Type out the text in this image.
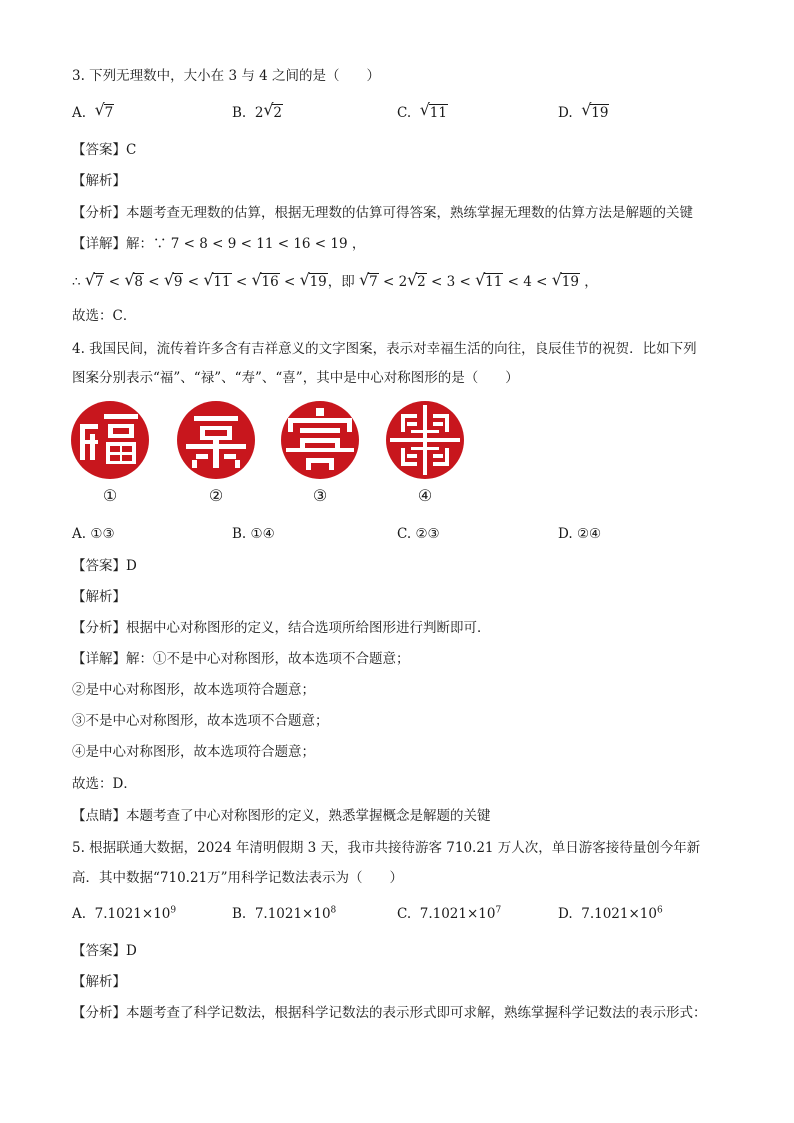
3. 下列无理数中，大小在 3 与 4 之间的是（　　）
A. √ 7	B. 2 √ 2	C. √ 11	D. √ 19
【答案】C
【解析】
【分析】本题考查无理数的估算，根据无理数的估算可得答案，熟练掌握无理数的估算方法是解题的关键
【详解】解：∵ 7 < 8 < 9 < 11 < 16 < 19 ，
∴ √ 7 < √ 8 < √ 9 < √ 11 < √ 16 < √ 19，即 √ 7 < 2 √ 2 < 3 < √ 11 < 4 < √ 19 ，
故选：C．
4. 我国民间，流传着许多含有吉祥意义的文字图案，表示对幸福生活的向往，良辰佳节的祝贺．比如下列
图案分别表示“福”、“禄”、“寿”、“喜”，其中是中心对称图形的是（　　）
①	②	③	④
A. ①③	B. ①④	C. ②③	D. ②④
【答案】D
【解析】
【分析】根据中心对称图形的定义，结合选项所给图形进行判断即可．
【详解】解：①不是中心对称图形，故本选项不合题意；
②是中心对称图形，故本选项符合题意；
③不是中心对称图形，故本选项不合题意；
④是中心对称图形，故本选项符合题意；
故选：D．
【点睛】本题考查了中心对称图形的定义，熟悉掌握概念是解题的关键
5. 根据联通大数据，2024 年清明假期 3 天，我市共接待游客 710.21 万人次，单日游客接待量创今年新
高．其中数据“710.21万”用科学记数法表示为（　　）
A. $7.1021\times 10^9$	B. $7.1021\times 10^8$	C. $7.1021\times 10^7$	D. $7.1021\times 10^6$
【答案】D
【解析】
【分析】本题考查了科学记数法，根据科学记数法的表示形式即可求解，熟练掌握科学记数法的表示形式：
